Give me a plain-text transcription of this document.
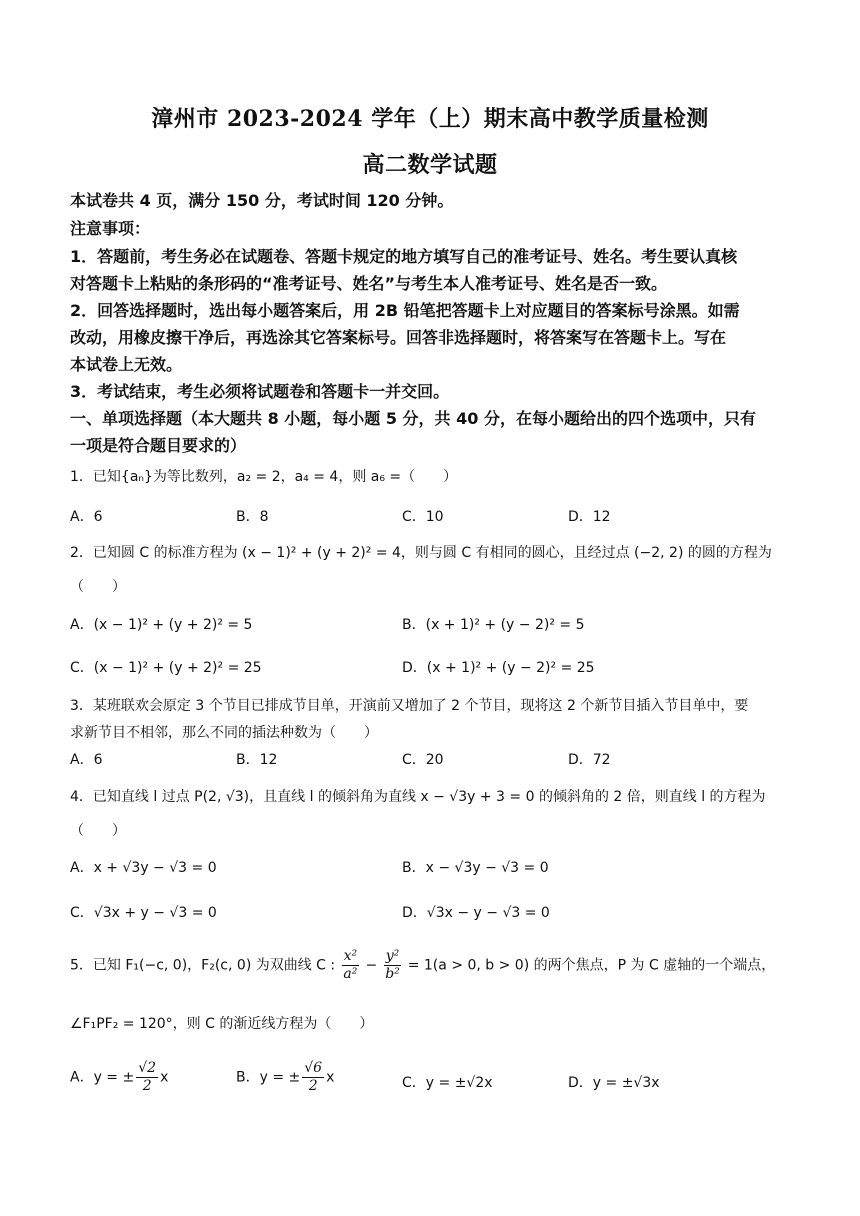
漳州市 2023-2024 学年（上）期末高中教学质量检测
高二数学试题
本试卷共 4 页，满分 150 分，考试时间 120 分钟。
注意事项：
1．答题前，考生务必在试题卷、答题卡规定的地方填写自己的准考证号、姓名。考生要认真核
对答题卡上粘贴的条形码的“准考证号、姓名”与考生本人准考证号、姓名是否一致。
2．回答选择题时，选出每小题答案后，用 2B 铅笔把答题卡上对应题目的答案标号涂黑。如需
改动，用橡皮擦干净后，再选涂其它答案标号。回答非选择题时，将答案写在答题卡上。写在
本试卷上无效。
3．考试结束，考生必须将试题卷和答题卡一并交回。
一、单项选择题（本大题共 8 小题，每小题 5 分，共 40 分，在每小题给出的四个选项中，只有
一项是符合题目要求的）
1．已知{aₙ}为等比数列，a₂ = 2，a₄ = 4，则 a₆ =（　　）
A．6	B．8	C．10	D．12
2．已知圆 C 的标准方程为 (x − 1)² + (y + 2)² = 4，则与圆 C 有相同的圆心，且经过点 (−2, 2) 的圆的方程为
（　　）
A．(x − 1)² + (y + 2)² = 5	B．(x + 1)² + (y − 2)² = 5
C．(x − 1)² + (y + 2)² = 25	D．(x + 1)² + (y − 2)² = 25
3．某班联欢会原定 3 个节目已排成节目单，开演前又增加了 2 个节目，现将这 2 个新节目插入节目单中，要
求新节目不相邻，那么不同的插法种数为（　　）
A．6	B．12	C．20	D．72
4．已知直线 l 过点 P(2, √3)，且直线 l 的倾斜角为直线 x − √3y + 3 = 0 的倾斜角的 2 倍，则直线 l 的方程为
（　　）
A．x + √3y − √3 = 0	B．x − √3y − √3 = 0
C．√3x + y − √3 = 0	D．√3x − y − √3 = 0
5．已知 F₁(−c, 0)，F₂(c, 0) 为双曲线 C : $\frac{\text{x²}}{\text{a²}} - \frac{\text{y²}}{\text{b²}} = 1(a > 0$, b > 0) 的两个焦点，P 为 C 虚轴的一个端点，
∠F₁PF₂ = 120°，则 C 的渐近线方程为（　　）
A．y = ± $\frac{√2}{2}$ x	B．y = ± $\frac{√6}{2}$ x	C．y = ±√2x	D．y = ±√3x
